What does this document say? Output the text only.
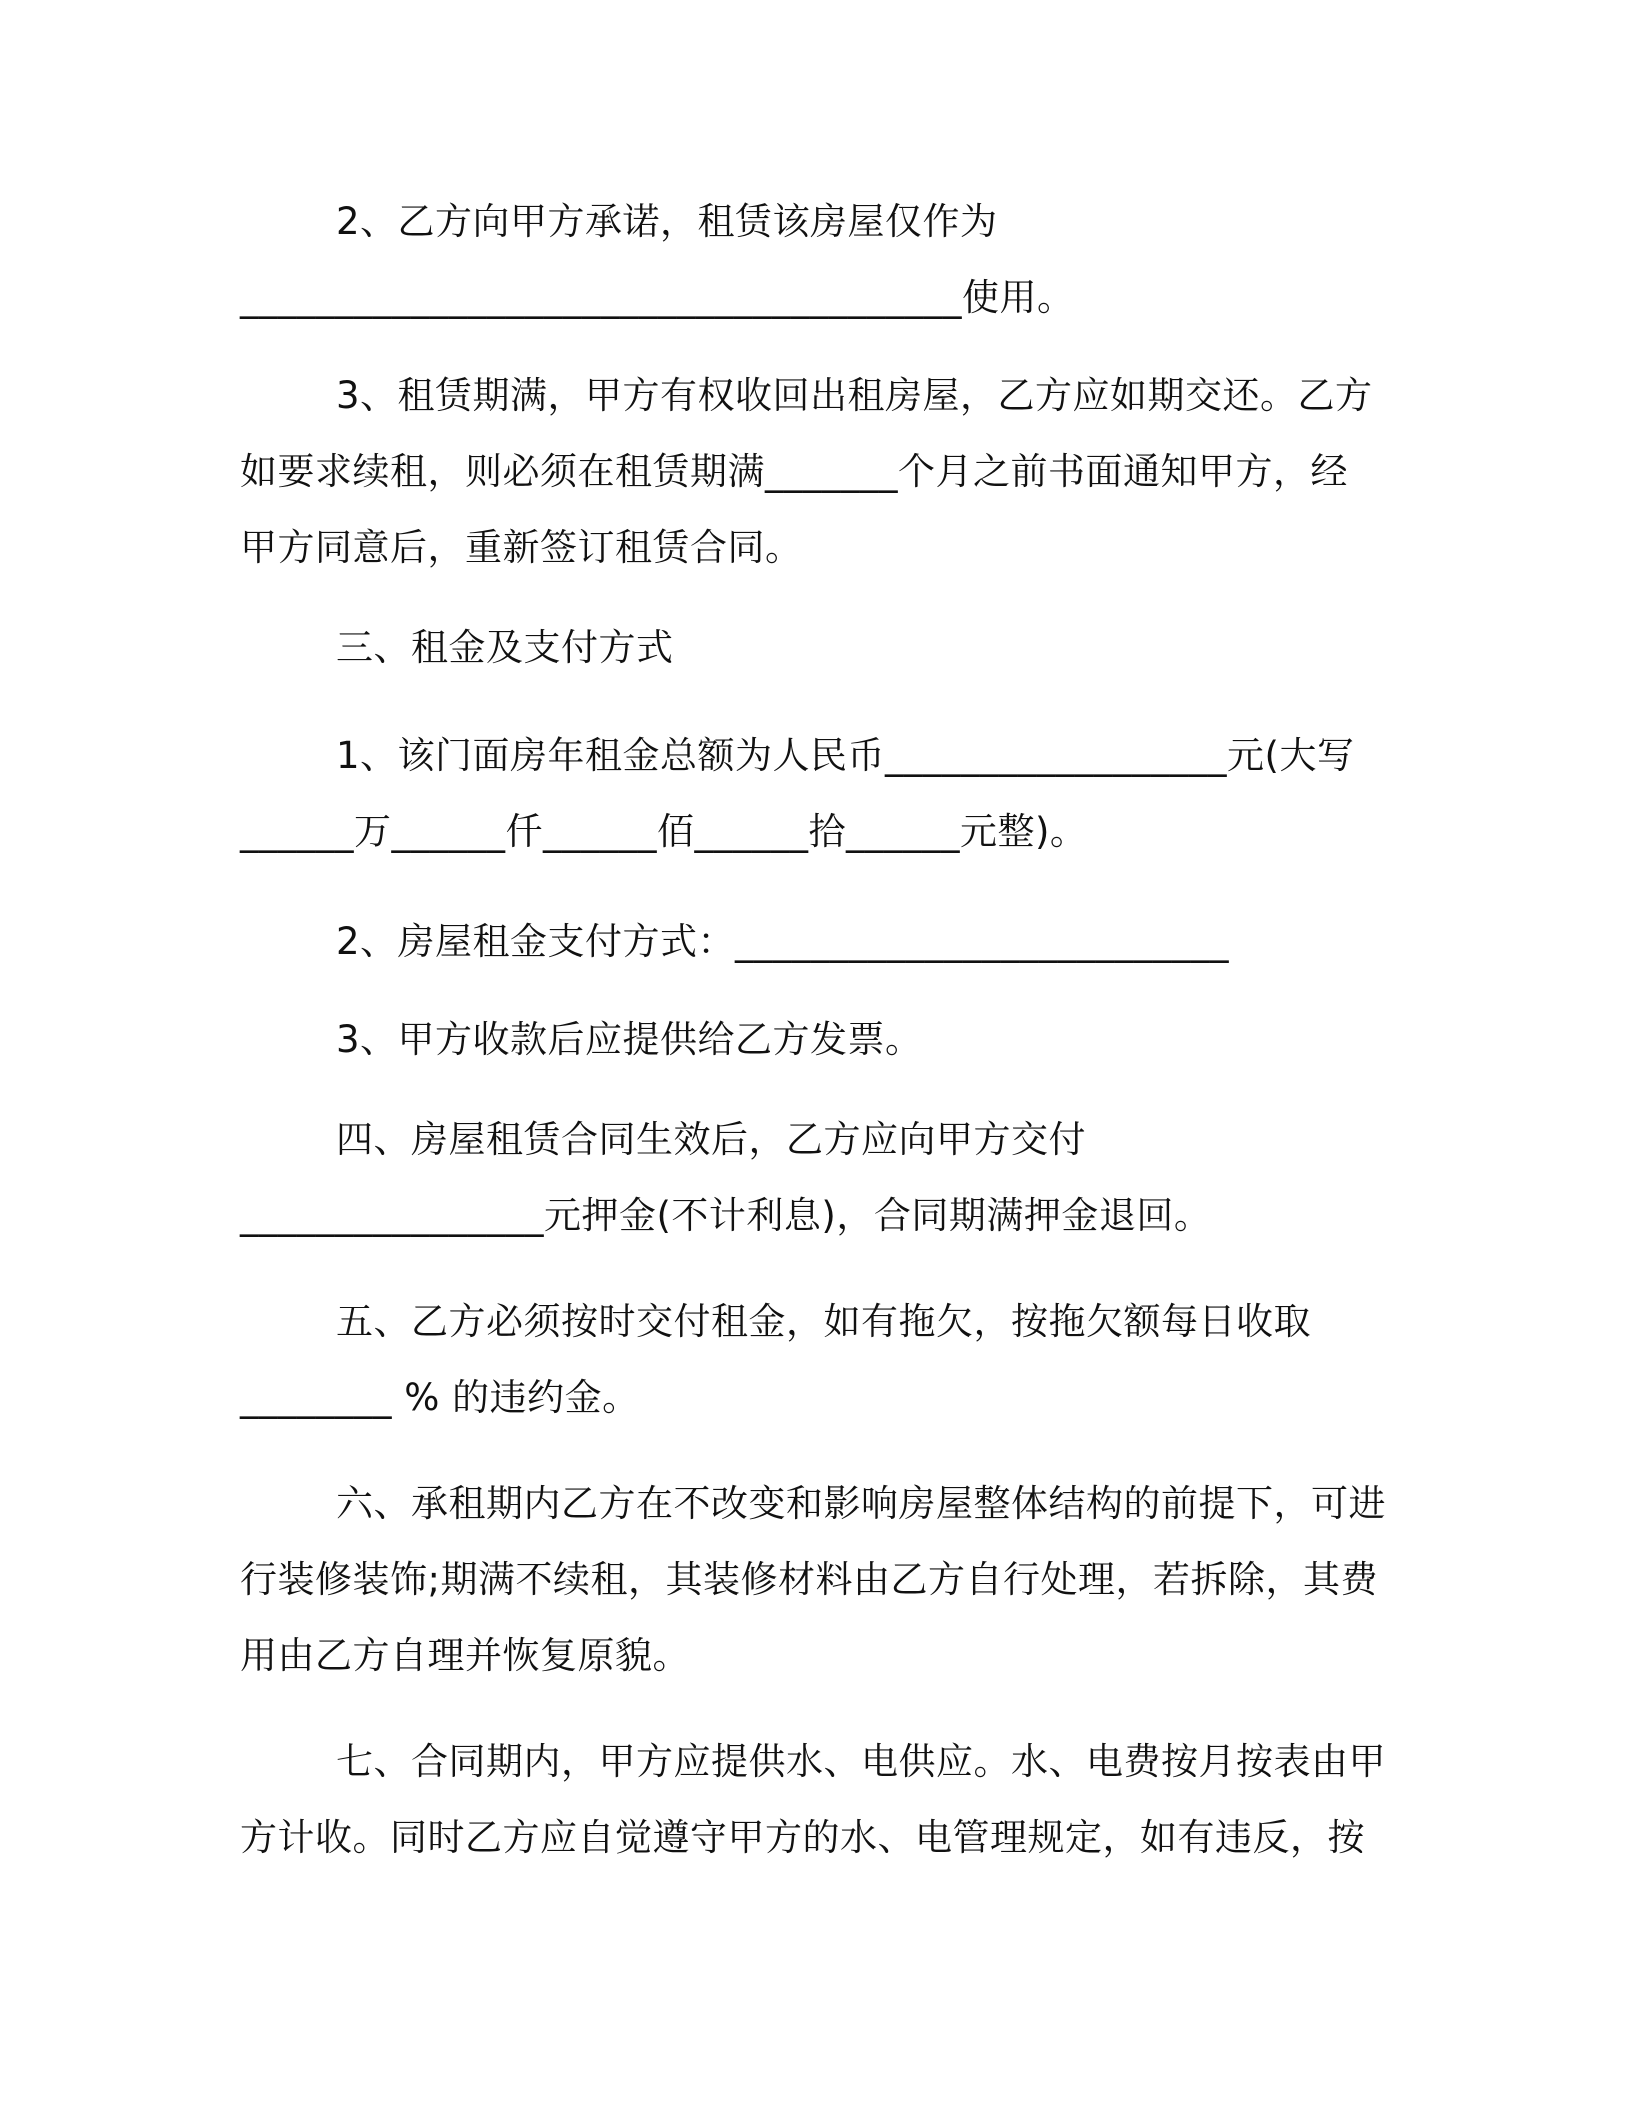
2、乙方向甲方承诺，租赁该房屋仅作为
______________________________________使用。
3、租赁期满，甲方有权收回出租房屋，乙方应如期交还。乙方
如要求续租，则必须在租赁期满_______个月之前书面通知甲方，经
甲方同意后，重新签订租赁合同。
三、租金及支付方式
1、该门面房年租金总额为人民币__________________元(大写
______万______仟______佰______拾______元整)。
2、房屋租金支付方式：__________________________
3、甲方收款后应提供给乙方发票。
四、房屋租赁合同生效后，乙方应向甲方交付
________________元押金(不计利息)，合同期满押金退回。
五、乙方必须按时交付租金，如有拖欠，按拖欠额每日收取
________ % 的违约金。
六、承租期内乙方在不改变和影响房屋整体结构的前提下，可进
行装修装饰;期满不续租，其装修材料由乙方自行处理，若拆除，其费
用由乙方自理并恢复原貌。
七、合同期内，甲方应提供水、电供应。水、电费按月按表由甲
方计收。同时乙方应自觉遵守甲方的水、电管理规定，如有违反，按
